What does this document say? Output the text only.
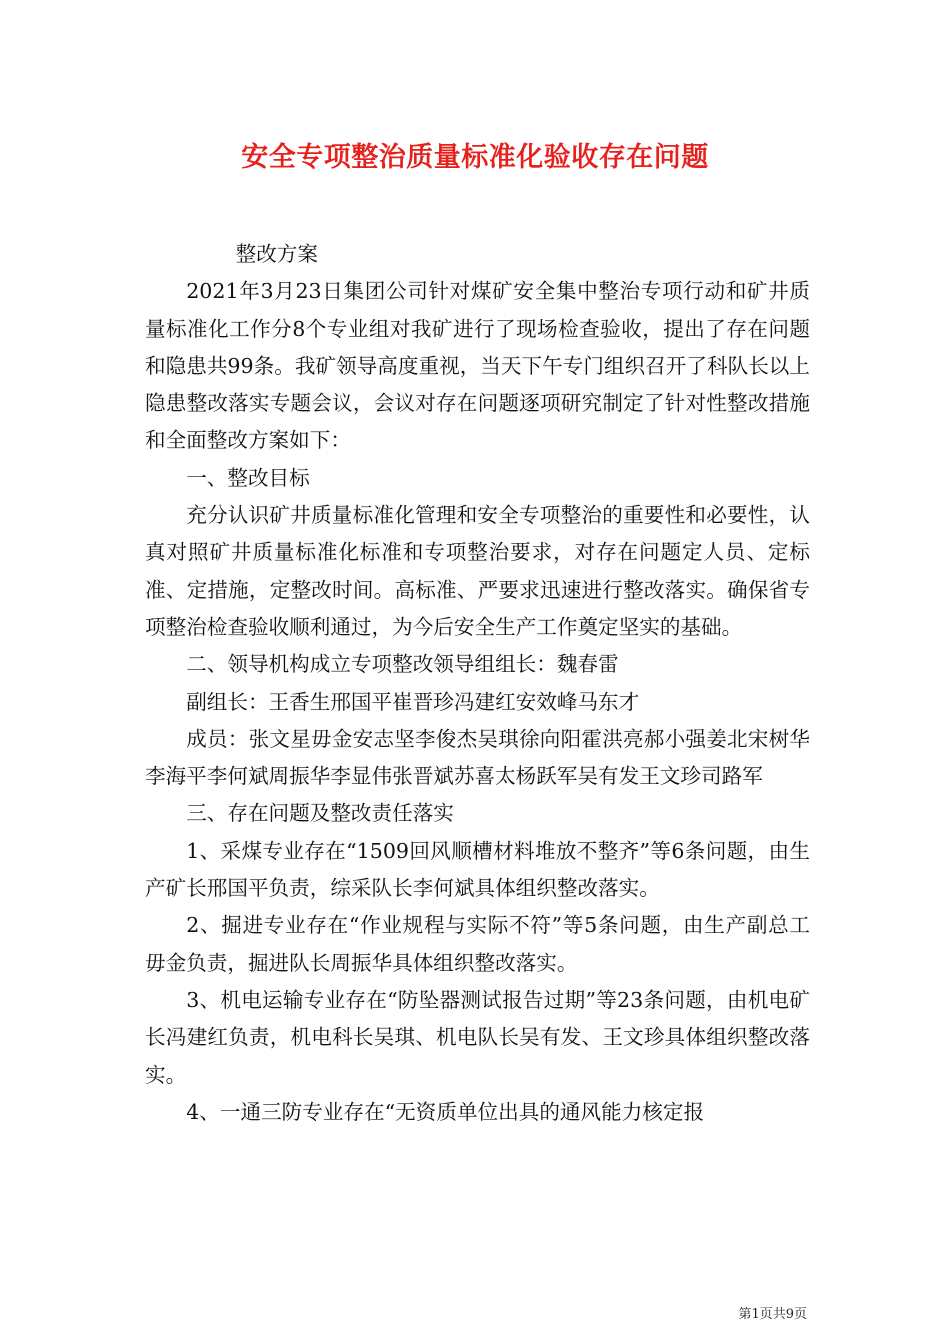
安全专项整治质量标准化验收存在问题

整改方案

2021年3月23日集团公司针对煤矿安全集中整治专项行动和矿井质量标准化工作分8个专业组对我矿进行了现场检查验收，提出了存在问题和隐患共99条。我矿领导高度重视，当天下午专门组织召开了科队长以上隐患整改落实专题会议，会议对存在问题逐项研究制定了针对性整改措施和全面整改方案如下：

一、整改目标

充分认识矿井质量标准化管理和安全专项整治的重要性和必要性，认真对照矿井质量标准化标准和专项整治要求，对存在问题定人员、定标准、定措施，定整改时间。高标准、严要求迅速进行整改落实。确保省专项整治检查验收顺利通过，为今后安全生产工作奠定坚实的基础。

二、领导机构成立专项整改领导组组长：魏春雷

副组长：王香生邢国平崔晋珍冯建红安效峰马东才

成员：张文星毋金安志坚李俊杰吴琪徐向阳霍洪亮郝小强姜北宋树华李海平李何斌周振华李显伟张晋斌苏喜太杨跃军吴有发王文珍司路军

三、存在问题及整改责任落实

1、采煤专业存在“1509回风顺槽材料堆放不整齐”等6条问题，由生产矿长邢国平负责，综采队长李何斌具体组织整改落实。

2、掘进专业存在“作业规程与实际不符”等5条问题，由生产副总工毋金负责，掘进队长周振华具体组织整改落实。

3、机电运输专业存在“防坠器测试报告过期”等23条问题，由机电矿长冯建红负责，机电科长吴琪、机电队长吴有发、王文珍具体组织整改落实。

4、一通三防专业存在“无资质单位出具的通风能力核定报

第1页共9页
